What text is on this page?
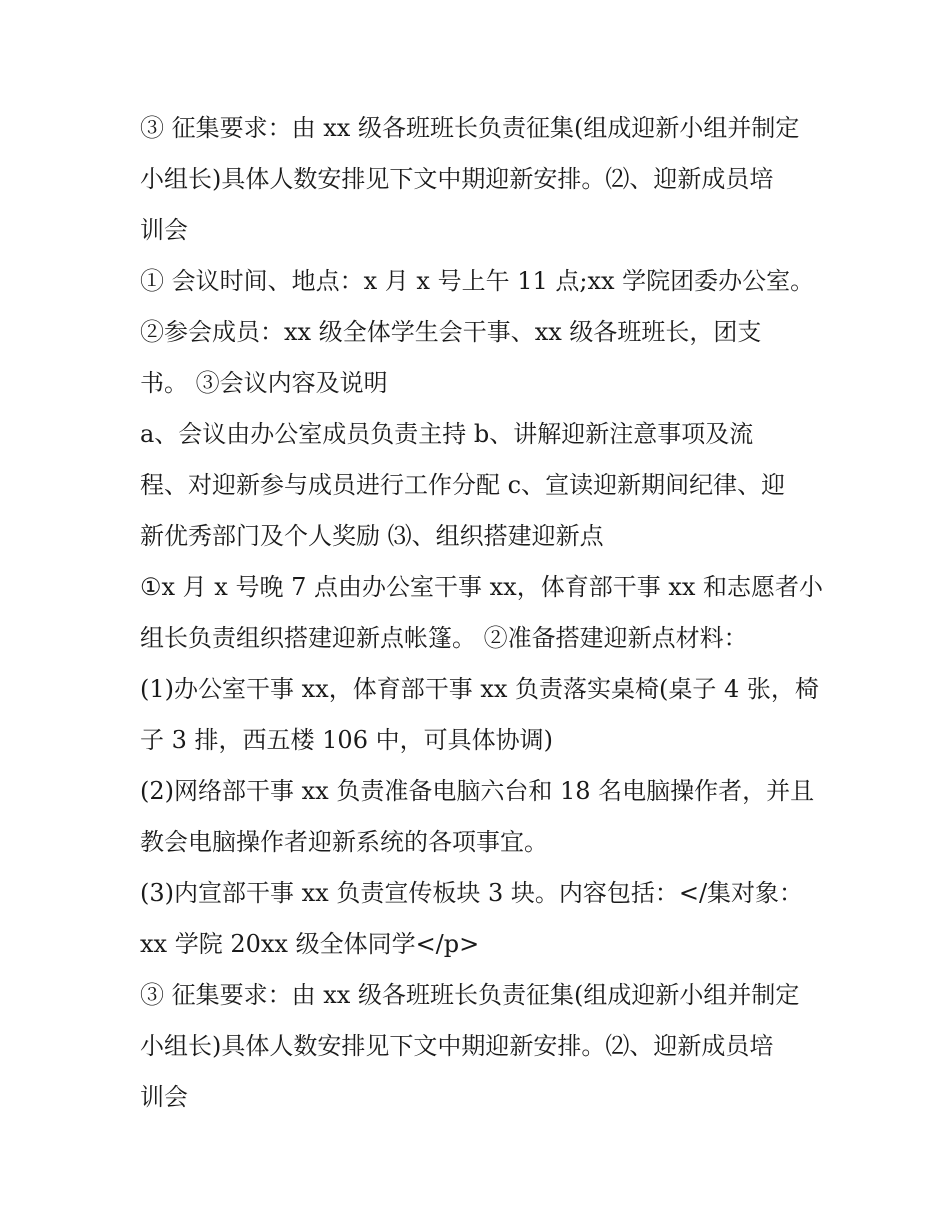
③ 征集要求：由 xx 级各班班长负责征集(组成迎新小组并制定
小组长)具体人数安排见下文中期迎新安排。⑵、迎新成员培
训会
① 会议时间、地点：x 月 x 号上午 11 点;xx 学院团委办公室。
②参会成员：xx 级全体学生会干事、xx 级各班班长，团支
书。 ③会议内容及说明
a、会议由办公室成员负责主持 b、讲解迎新注意事项及流
程、对迎新参与成员进行工作分配 c、宣读迎新期间纪律、迎
新优秀部门及个人奖励 ⑶、组织搭建迎新点
①x 月 x 号晚 7 点由办公室干事 xx，体育部干事 xx 和志愿者小
组长负责组织搭建迎新点帐篷。 ②准备搭建迎新点材料：
(1)办公室干事 xx，体育部干事 xx 负责落实桌椅(桌子 4 张，椅
子 3 排，西五楼 106 中，可具体协调)
(2)网络部干事 xx 负责准备电脑六台和 18 名电脑操作者，并且
教会电脑操作者迎新系统的各项事宜。
(3)内宣部干事 xx 负责宣传板块 3 块。内容包括：</集对象：
xx 学院 20xx 级全体同学</p>
③ 征集要求：由 xx 级各班班长负责征集(组成迎新小组并制定
小组长)具体人数安排见下文中期迎新安排。⑵、迎新成员培
训会
